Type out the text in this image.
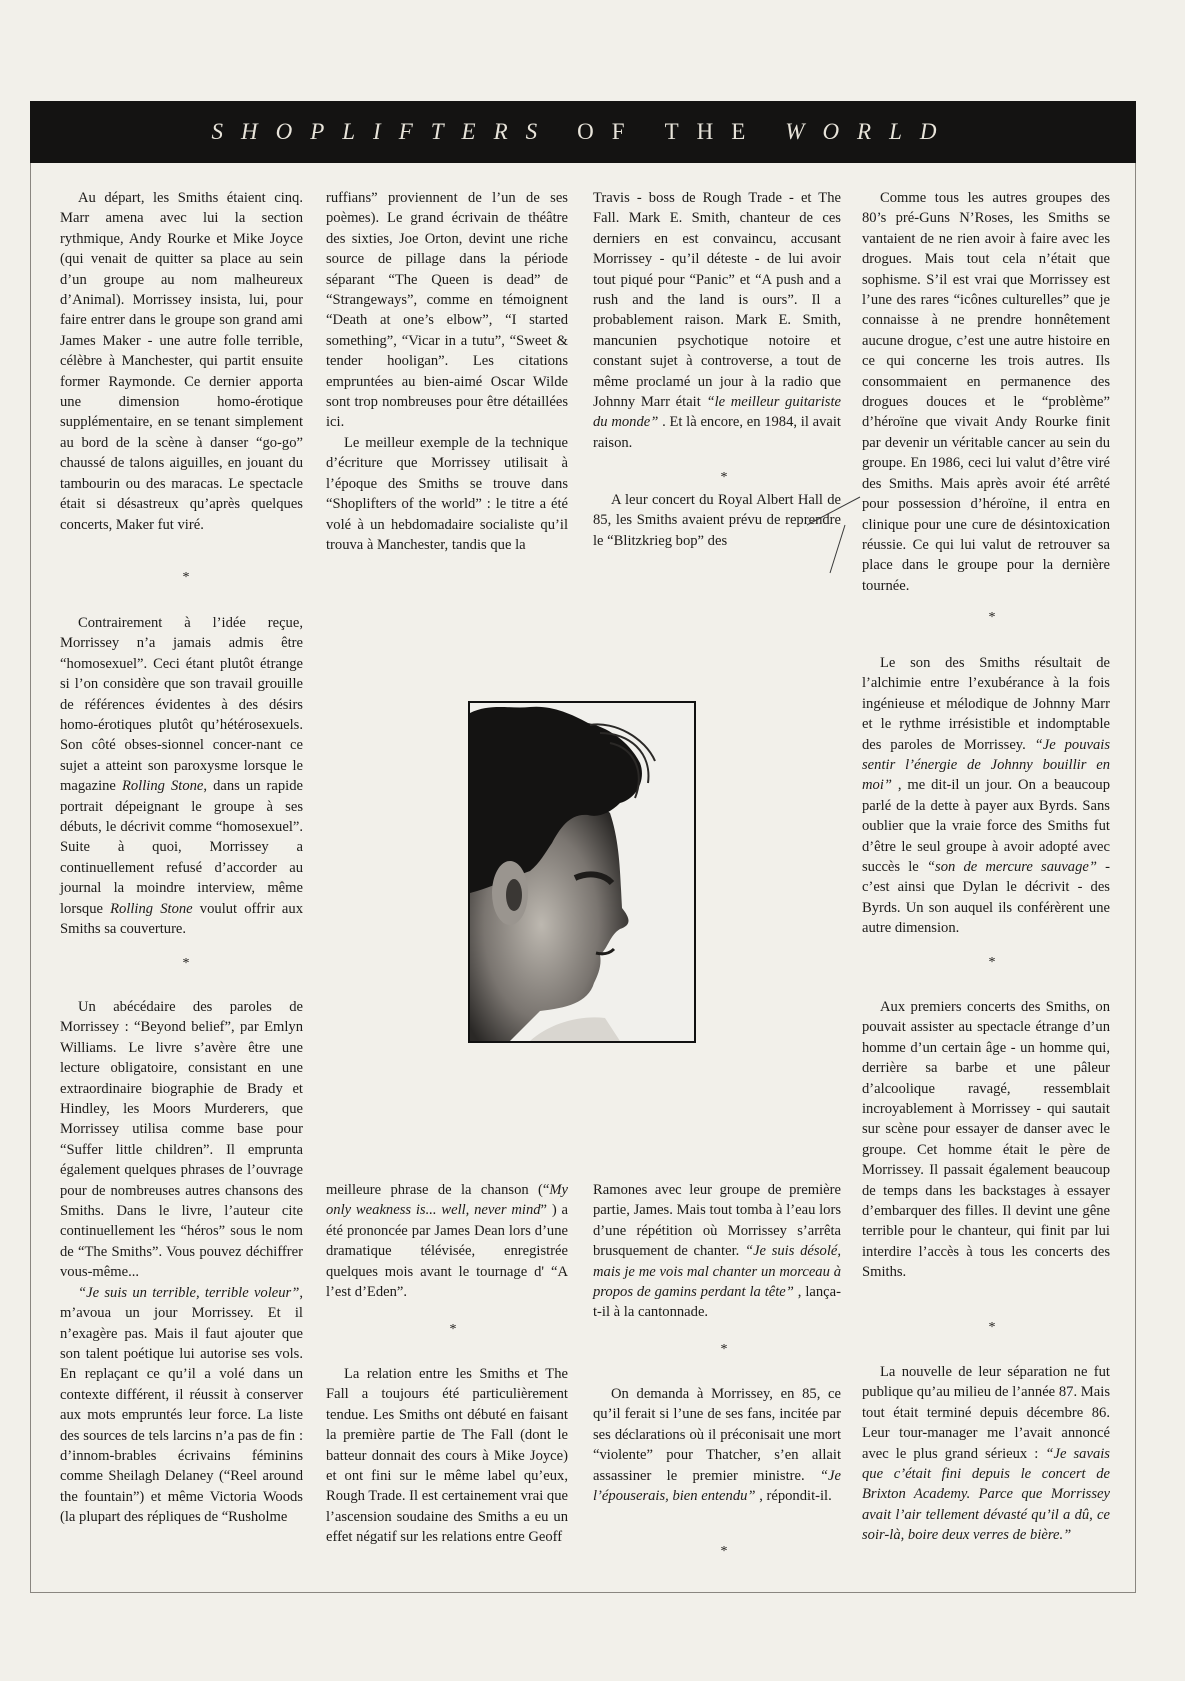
SHOPLIFTERS OF THE WORLD

Au départ, les Smiths étaient cinq. Marr amena avec lui la section rythmique, Andy Rourke et Mike Joyce (qui venait de quitter sa place au sein d’un groupe au nom malheureux d’Animal). Morrissey insista, lui, pour faire entrer dans le groupe son grand ami James Maker - une autre folle terrible, célèbre à Manchester, qui partit ensuite former Raymonde. Ce dernier apporta une dimension homo-érotique supplémentaire, en se tenant simplement au bord de la scène à danser “go-go” chaussé de talons aiguilles, en jouant du tambourin ou des maracas. Le spectacle était si désastreux qu’après quelques concerts, Maker fut viré.

*

Contrairement à l’idée reçue, Morrissey n’a jamais admis être “homosexuel”. Ceci étant plutôt étrange si l’on considère que son travail grouille de références évidentes à des désirs homo-érotiques plutôt qu’hétérosexuels. Son côté obses-sionnel concer-nant ce sujet a atteint son paroxysme lorsque le magazine Rolling Stone, dans un rapide portrait dépeignant le groupe à ses débuts, le décrivit comme “homosexuel”. Suite à quoi, Morrissey a continuellement refusé d’accorder au journal la moindre interview, même lorsque Rolling Stone voulut offrir aux Smiths sa couverture.

*

Un abécédaire des paroles de Morrissey : “Beyond belief”, par Emlyn Williams. Le livre s’avère être une lecture obligatoire, consistant en une extraordinaire biographie de Brady et Hindley, les Moors Murderers, que Morrissey utilisa comme base pour “Suffer little children”. Il emprunta également quelques phrases de l’ouvrage pour de nombreuses autres chansons des Smiths. Dans le livre, l’auteur cite continuellement les “héros” sous le nom de “The Smiths”. Vous pouvez déchiffrer vous-même...

“Je suis un terrible, terrible voleur”, m’avoua un jour Morrissey. Et il n’exagère pas. Mais il faut ajouter que son talent poétique lui autorise ses vols. En replaçant ce qu’il a volé dans un contexte différent, il réussit à conserver aux mots empruntés leur force. La liste des sources de tels larcins n’a pas de fin : d’innom-brables écrivains féminins comme Sheilagh Delaney (“Reel around the fountain”) et même Victoria Woods (la plupart des répliques de “Rusholme

ruffians” proviennent de l’un de ses poèmes). Le grand écrivain de théâtre des sixties, Joe Orton, devint une riche source de pillage dans la période séparant “The Queen is dead” de “Strangeways”, comme en témoignent “Death at one’s elbow”, “I started something”, “Vicar in a tutu”, “Sweet & tender hooligan”. Les citations empruntées au bien-aimé Oscar Wilde sont trop nombreuses pour être détaillées ici.

Le meilleur exemple de la technique d’écriture que Morrissey utilisait à l’époque des Smiths se trouve dans “Shoplifters of the world” : le titre a été volé à un hebdomadaire socialiste qu’il trouva à Manchester, tandis que la

meilleure phrase de la chanson (“My only weakness is... well, never mind” ) a été prononcée par James Dean lors d’une dramatique télévisée, enregistrée quelques mois avant le tournage d' “A l’est d’Eden”.

*

La relation entre les Smiths et The Fall a toujours été particulièrement tendue. Les Smiths ont débuté en faisant la première partie de The Fall (dont le batteur donnait des cours à Mike Joyce) et ont fini sur le même label qu’eux, Rough Trade. Il est certainement vrai que l’ascension soudaine des Smiths a eu un effet négatif sur les relations entre Geoff

Travis - boss de Rough Trade - et The Fall. Mark E. Smith, chanteur de ces derniers en est convaincu, accusant Morrissey - qu’il déteste - de lui avoir tout piqué pour “Panic” et “A push and a rush and the land is ours”. Il a probablement raison. Mark E. Smith, mancunien psychotique notoire et constant sujet à controverse, a tout de même proclamé un jour à la radio que Johnny Marr était “le meilleur guitariste du monde” . Et là encore, en 1984, il avait raison.

*

A leur concert du Royal Albert Hall de 85, les Smiths avaient prévu de reprendre le “Blitzkrieg bop” des

Ramones avec leur groupe de première partie, James. Mais tout tomba à l’eau lors d’une répétition où Morrissey s’arrêta brusquement de chanter. “Je suis désolé, mais je me vois mal chanter un morceau à propos de gamins perdant la tête” , lança-t-il à la cantonnade.

*

On demanda à Morrissey, en 85, ce qu’il ferait si l’une de ses fans, incitée par ses déclarations où il préconisait une mort “violente” pour Thatcher, s’en allait assassiner le premier ministre. “Je l’épouserais, bien entendu” , répondit-il.

*

Comme tous les autres groupes des 80’s pré-Guns N’Roses, les Smiths se vantaient de ne rien avoir à faire avec les drogues. Mais tout cela n’était que sophisme. S’il est vrai que Morrissey est l’une des rares “icônes culturelles” que je connaisse à ne prendre honnêtement aucune drogue, c’est une autre histoire en ce qui concerne les trois autres. Ils consommaient en permanence des drogues douces et le “problème” d’héroïne que vivait Andy Rourke finit par devenir un véritable cancer au sein du groupe. En 1986, ceci lui valut d’être viré des Smiths. Mais après avoir été arrêté pour possession d’héroïne, il entra en clinique pour une cure de désintoxication réussie. Ce qui lui valut de retrouver sa place dans le groupe pour la dernière tournée.

*

Le son des Smiths résultait de l’alchimie entre l’exubérance à la fois ingénieuse et mélodique de Johnny Marr et le rythme irrésistible et indomptable des paroles de Morrissey. “Je pouvais sentir l’énergie de Johnny bouillir en moi” , me dit-il un jour. On a beaucoup parlé de la dette à payer aux Byrds. Sans oublier que la vraie force des Smiths fut d’être le seul groupe à avoir adopté avec succès le “son de mercure sauvage” - c’est ainsi que Dylan le décrivit - des Byrds. Un son auquel ils conférèrent une autre dimension.

*

Aux premiers concerts des Smiths, on pouvait assister au spectacle étrange d’un homme d’un certain âge - un homme qui, derrière sa barbe et une pâleur d’alcoolique ravagé, ressemblait incroyablement à Morrissey - qui sautait sur scène pour essayer de danser avec le groupe. Cet homme était le père de Morrissey. Il passait également beaucoup de temps dans les backstages à essayer d’embarquer des filles. Il devint une gêne terrible pour le chanteur, qui finit par lui interdire l’accès à tous les concerts des Smiths.

*

La nouvelle de leur séparation ne fut publique qu’au milieu de l’année 87. Mais tout était terminé depuis décembre 86. Leur tour-manager me l’avait annoncé avec le plus grand sérieux : “Je savais que c’était fini depuis le concert de Brixton Academy. Parce que Morrissey avait l’air tellement dévasté qu’il a dû, ce soir-là, boire deux verres de bière.”
